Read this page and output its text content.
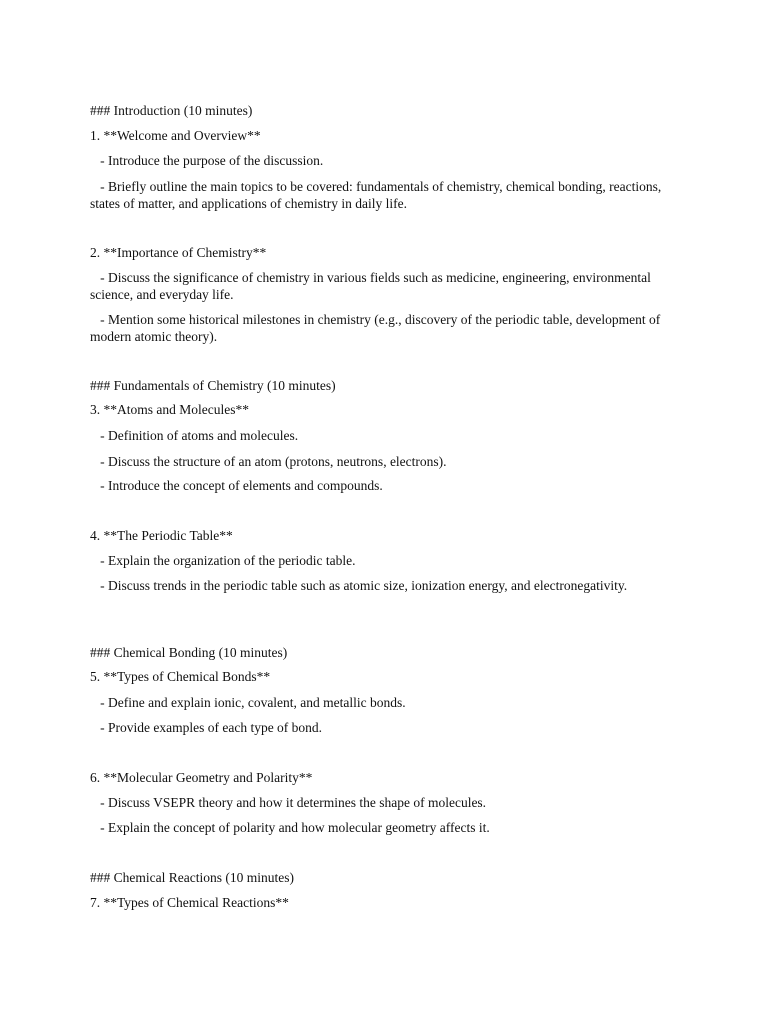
### Introduction (10 minutes)
1. **Welcome and Overview**
- Introduce the purpose of the discussion.
- Briefly outline the main topics to be covered: fundamentals of chemistry, chemical bonding, reactions, states of matter, and applications of chemistry in daily life.
2. **Importance of Chemistry**
- Discuss the significance of chemistry in various fields such as medicine, engineering, environmental science, and everyday life.
- Mention some historical milestones in chemistry (e.g., discovery of the periodic table, development of modern atomic theory).
### Fundamentals of Chemistry (10 minutes)
3. **Atoms and Molecules**
- Definition of atoms and molecules.
- Discuss the structure of an atom (protons, neutrons, electrons).
- Introduce the concept of elements and compounds.
4. **The Periodic Table**
- Explain the organization of the periodic table.
- Discuss trends in the periodic table such as atomic size, ionization energy, and electronegativity.
### Chemical Bonding (10 minutes)
5. **Types of Chemical Bonds**
- Define and explain ionic, covalent, and metallic bonds.
- Provide examples of each type of bond.
6. **Molecular Geometry and Polarity**
- Discuss VSEPR theory and how it determines the shape of molecules.
- Explain the concept of polarity and how molecular geometry affects it.
### Chemical Reactions (10 minutes)
7. **Types of Chemical Reactions**
